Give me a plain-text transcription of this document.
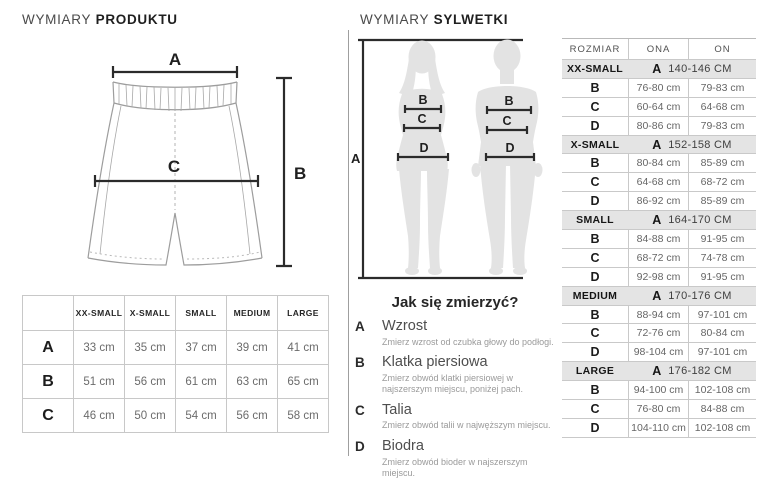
WYMIARY PRODUKTU
A
B
C
	XX-SMALL	X-SMALL	SMALL	MEDIUM	LARGE
A	33 cm	35 cm	37 cm	39 cm	41 cm
B	51 cm	56 cm	61 cm	63 cm	65 cm
C	46 cm	50 cm	54 cm	56 cm	58 cm
WYMIARY SYLWETKI
A
B
C
D
B
C
D
Jak się zmierzyć?
A	Wzrost
Zmierz wzrost od czubka głowy do podłogi.
B	Klatka piersiowa
Zmierz obwód klatki piersiowej w najszerszym miejscu, poniżej pach.
C	Talia
Zmierz obwód talii w najwęższym miejscu.
D	Biodra
Zmierz obwód bioder w najszerszym miejscu.
ROZMIAR	ONA	ON
XX-SMALL	A 140-146 CM
B	76-80 cm	79-83 cm
C	60-64 cm	64-68 cm
D	80-86 cm	79-83 cm
X-SMALL	A 152-158 CM
B	80-84 cm	85-89 cm
C	64-68 cm	68-72 cm
D	86-92 cm	85-89 cm
SMALL	A 164-170 CM
B	84-88 cm	91-95 cm
C	68-72 cm	74-78 cm
D	92-98 cm	91-95 cm
MEDIUM	A 170-176 CM
B	88-94 cm	97-101 cm
C	72-76 cm	80-84 cm
D	98-104 cm	97-101 cm
LARGE	A 176-182 CM
B	94-100 cm	102-108 cm
C	76-80 cm	84-88 cm
D	104-110 cm 102-108 cm
